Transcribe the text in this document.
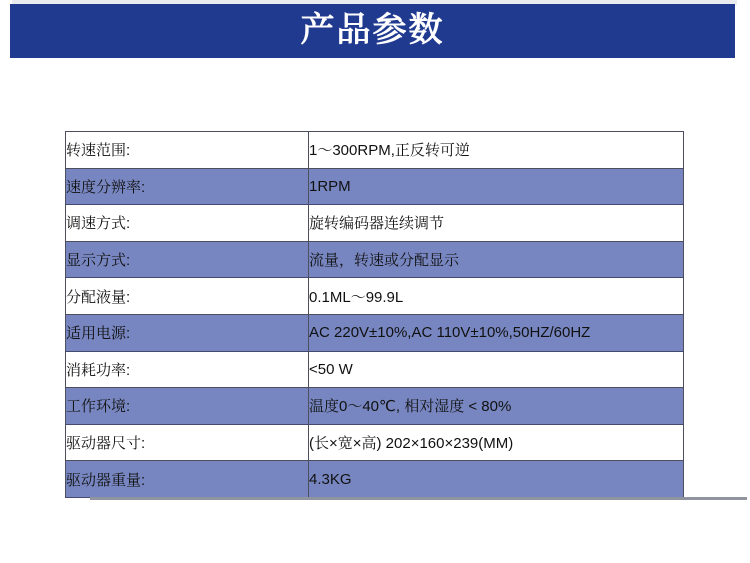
产品参数
转速范围:	1～300RPM,正反转可逆
速度分辨率:	1RPM
调速方式:	旋转编码器连续调节
显示方式:	流量，转速或分配显示
分配液量:	0.1ML～99.9L
适用电源:	AC 220V±10%,AC 110V±10%,50HZ/60HZ
消耗功率:	<50 W
工作环境:	温度0～40℃, 相对湿度 < 80%
驱动器尺寸:	(长×宽×高) 202×160×239(MM)
驱动器重量:	4.3KG
